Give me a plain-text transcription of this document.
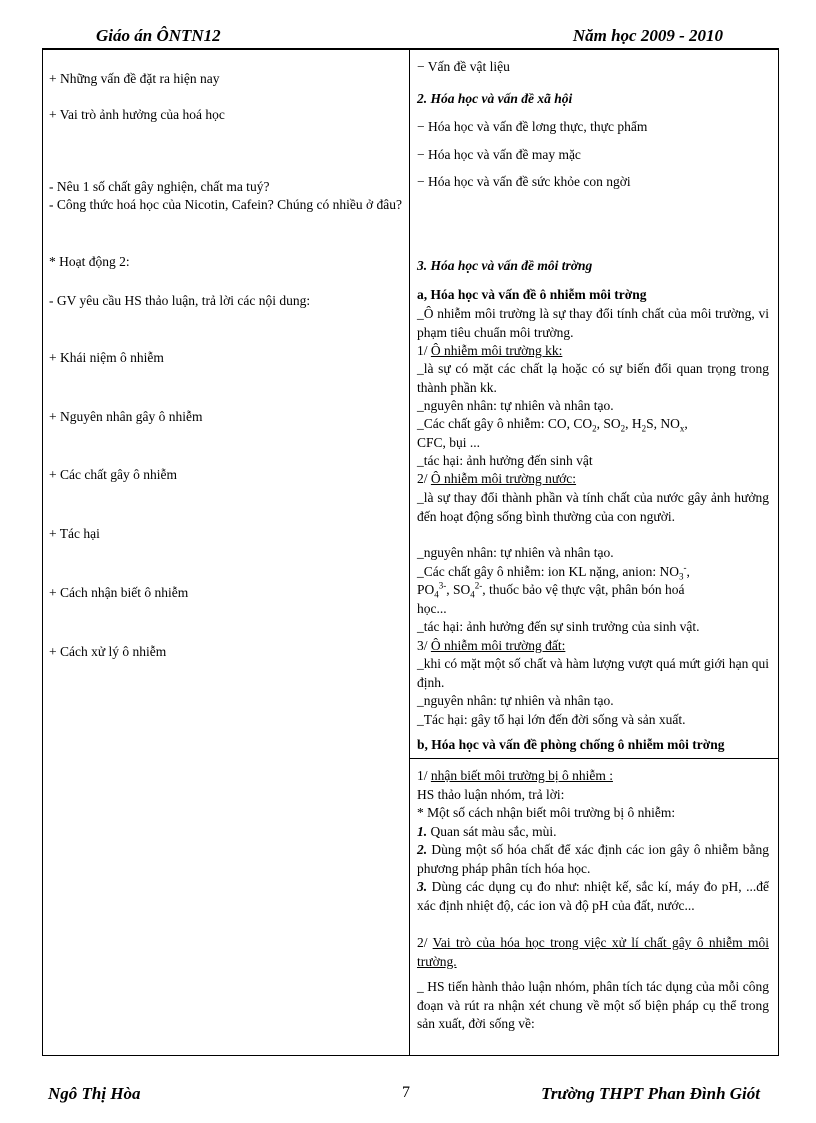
Giáo án ÔNTN12	Năm học 2009 - 2010
+ Những vấn đề đặt ra hiện nay
+ Vai trò ảnh hưởng của hoá học
- Nêu 1 số chất gây nghiện, chất ma tuý?
- Công thức hoá học của Nicotin, Cafein? Chúng có nhiều ở đâu?
* Hoạt động 2:
- GV yêu cầu HS thảo luận, trả lời các nội dung:
+ Khái niệm ô nhiễm
+ Nguyên nhân gây ô nhiễm
+ Các chất gây ô nhiễm
+ Tác hại
+ Cách nhận biết ô nhiễm
+ Cách xử lý ô nhiễm
− Vấn đề vật liệu
2. Hóa học và vấn đề xã hội
− Hóa học và vấn đề lơng thực, thực phẩm
− Hóa học và vấn đề may mặc
− Hóa học và vấn đề sức khỏe con ngời
3. Hóa học và vấn đề môi trờng
a, Hóa học và vấn đề ô nhiễm môi trờng
_Ô nhiễm môi trường là sự thay đổi tính chất của môi trường, vi phạm tiêu chuẩn môi trường.
1/ Ô nhiễm môi trường kk:
_là sự có mặt các chất lạ hoặc có sự biến đổi quan trọng trong thành phần kk.
_nguyên nhân: tự nhiên và nhân tạo.
_Các chất gây ô nhiễm: CO, $CO_2$, $SO_2$, $H_2S$, $NO_x$,
CFC, bụi ...
_tác hại: ảnh hưởng đến sinh vật
2/ Ô nhiễm môi trường nước:
_là sự thay đổi thành phần và tính chất của nước gây ảnh hưởng đến hoạt động sống bình thường của con người.
_nguyên nhân: tự nhiên và nhân tạo.
_Các chất gây ô nhiễm: ion KL nặng, anion: $NO_3^-$,
$PO_4^{3-}$, $SO_4^{2-}$, thuốc bảo vệ thực vật, phân bón hoá
học...
_tác hại: ảnh hưởng đến sự sinh trưởng của sinh vật.
3/ Ô nhiễm môi trường đất:
_khi có mặt một số chất và hàm lượng vượt quá mứt giới hạn qui định.
_nguyên nhân: tự nhiên và nhân tạo.
_Tác hại: gây tổ hại lớn đến đời sống và sản xuất.
b, Hóa học và vấn đề phòng chống ô nhiễm môi trờng
1/ nhận biết môi trường bị ô nhiễm :
HS thảo luận nhóm, trả lời:
* Một số cách nhận biết môi trường bị ô nhiễm:
1. Quan sát màu sắc, mùi.
2. Dùng một số hóa chất để xác định các ion gây ô nhiễm bằng phương pháp phân tích hóa học.
3. Dùng các dụng cụ đo như: nhiệt kế, sắc kí, máy đo pH, ...để xác định nhiệt độ, các ion và độ pH của đất, nước...
2/ Vai trò của hóa học trong việc xử lí chất gây ô nhiễm môi trường.
_ HS tiến hành thảo luận nhóm, phân tích tác dụng của mỗi công đoạn và rút ra nhận xét chung về một số biện pháp cụ thể trong sản xuất, đời sống về:
Ngô Thị Hòa	7	Trường THPT Phan Đình Giót
